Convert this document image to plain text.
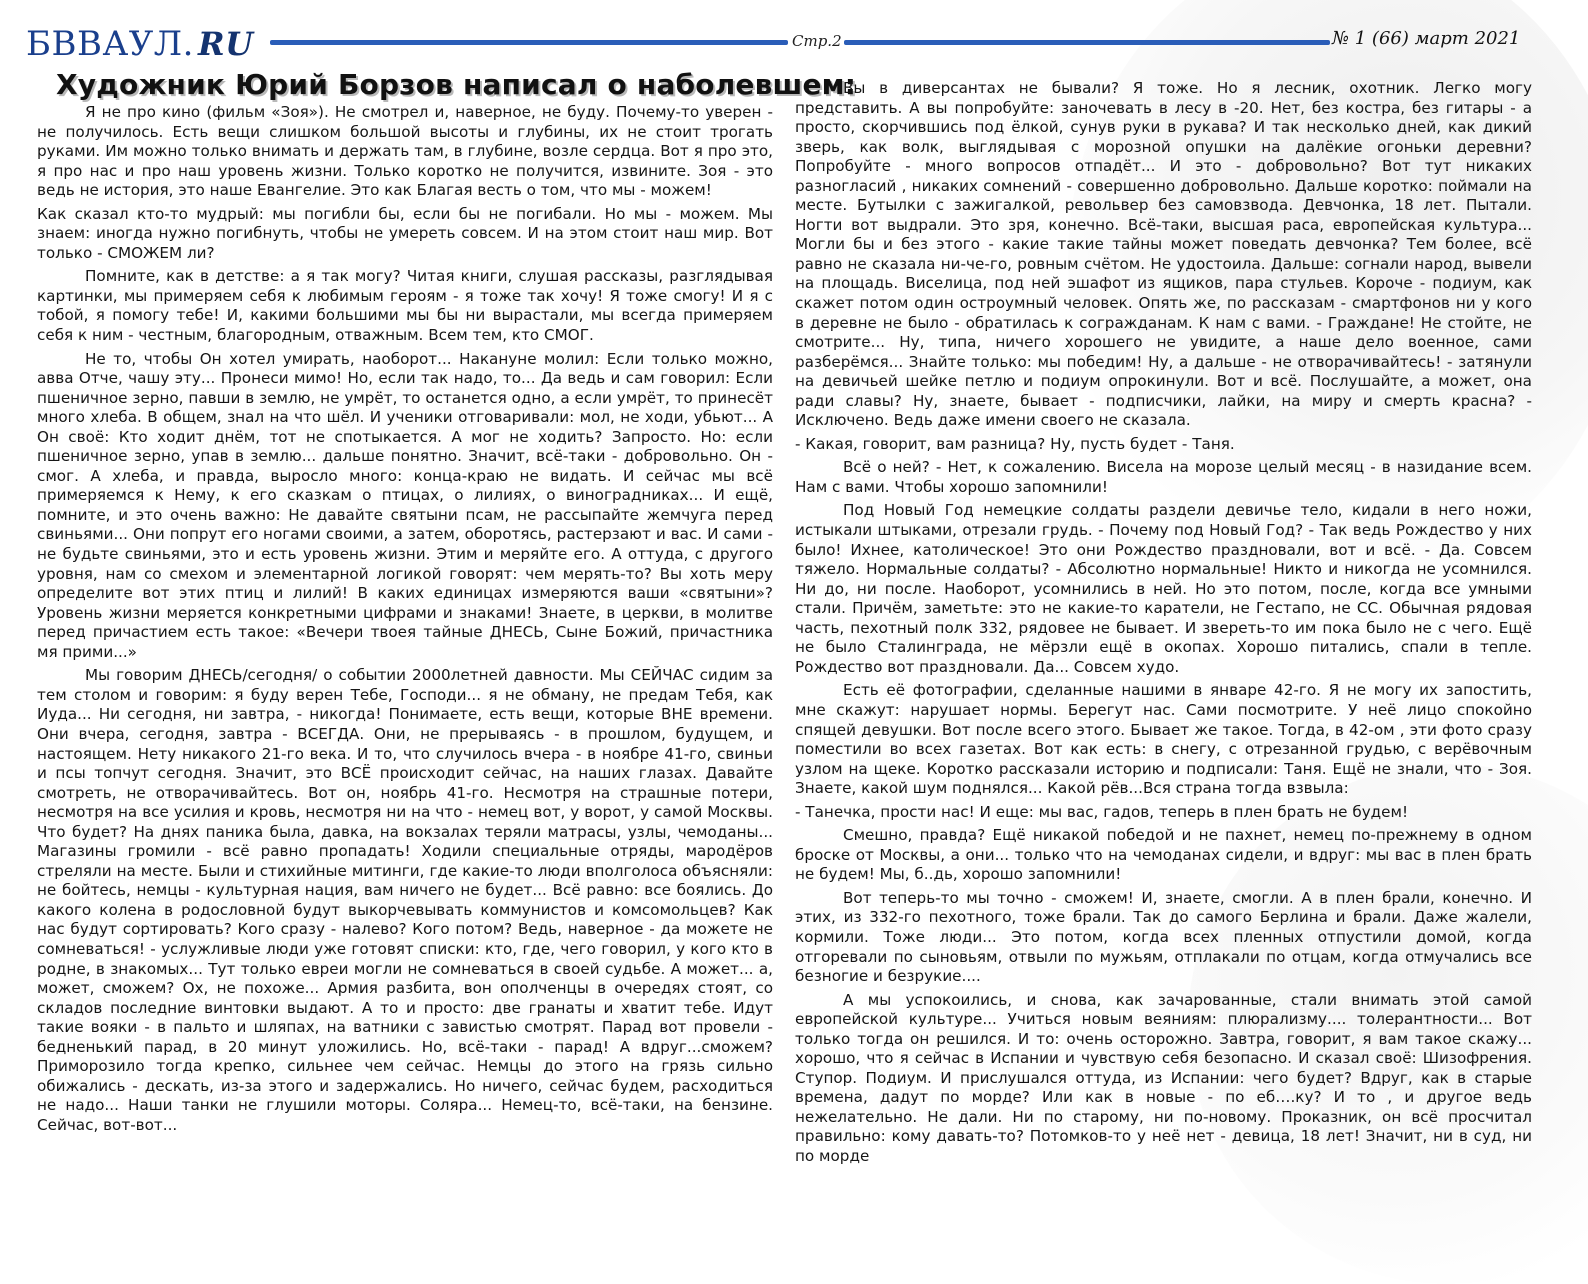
БВВАУЛ. RU	Стр.2	№ 1 (66) март 2021
Художник Юрий Борзов написал о наболевшем:

Я не про кино (фильм «Зоя»). Не смотрел и, наверное, не буду. Почему-то уверен - не получилось. Есть вещи слишком большой высоты и глубины, их не стоит трогать руками. Им можно только внимать и держать там, в глубине, возле сердца. Вот я про это, я про нас и про наш уровень жизни. Только коротко не получится, извините. Зоя - это ведь не история, это наше Евангелие. Это как Благая весть о том, что мы - можем!

Как сказал кто-то мудрый: мы погибли бы, если бы не погибали. Но мы - можем. Мы знаем: иногда нужно погибнуть, чтобы не умереть совсем. И на этом стоит наш мир. Вот только - СМОЖЕМ ли?

Помните, как в детстве: а я так могу? Читая книги, слушая рассказы, разглядывая картинки, мы примеряем себя к любимым героям - я тоже так хочу! Я тоже смогу! И я с тобой, я помогу тебе! И, какими большими мы бы ни вырастали, мы всегда примеряем себя к ним - честным, благородным, отважным. Всем тем, кто СМОГ.

Не то, чтобы Он хотел умирать, наоборот... Накануне молил: Если только можно, авва Отче, чашу эту... Пронеси мимо! Но, если так надо, то... Да ведь и сам говорил: Если пшеничное зерно, павши в землю, не умрёт, то останется одно, а если умрёт, то принесёт много хлеба. В общем, знал на что шёл. И ученики отговаривали: мол, не ходи, убьют... А Он своё: Кто ходит днём, тот не спотыкается. А мог не ходить? Запросто. Но: если пшеничное зерно, упав в землю... дальше понятно. Значит, всё-таки - добровольно. Он - смог. А хлеба, и правда, выросло много: конца-краю не видать. И сейчас мы всё примеряемся к Нему, к его сказкам о птицах, о лилиях, о виноградниках... И ещё, помните, и это очень важно: Не давайте святыни псам, не рассыпайте жемчуга перед свиньями... Они попрут его ногами своими, а затем, оборотясь, растерзают и вас. И сами - не будьте свиньями, это и есть уровень жизни. Этим и меряйте его. А оттуда, с другого уровня, нам со смехом и элементарной логикой говорят: чем мерять-то? Вы хоть меру определите вот этих птиц и лилий! В каких единицах измеряются ваши «святыни»? Уровень жизни меряется конкретными цифрами и знаками! Знаете, в церкви, в молитве перед причастием есть такое: «Вечери твоея тайные ДНЕСЬ, Сыне Божий, причастника мя прими...»

Мы говорим ДНЕСЬ/сегодня/ о событии 2000летней давности. Мы СЕЙЧАС сидим за тем столом и говорим: я буду верен Тебе, Господи... я не обману, не предам Тебя, как Иуда... Ни сегодня, ни завтра, - никогда! Понимаете, есть вещи, которые ВНЕ времени. Они вчера, сегодня, завтра - ВСЕГДА. Они, не прерываясь - в прошлом, будущем, и настоящем. Нету никакого 21-го века. И то, что случилось вчера - в ноябре 41-го, свиньи и псы топчут сегодня. Значит, это ВСЁ происходит сейчас, на наших глазах. Давайте смотреть, не отворачивайтесь. Вот он, ноябрь 41-го. Несмотря на страшные потери, несмотря на все усилия и кровь, несмотря ни на что - немец вот, у ворот, у самой Москвы. Что будет? На днях паника была, давка, на вокзалах теряли матрасы, узлы, чемоданы... Магазины громили - всё равно пропадать! Ходили специальные отряды, мародёров стреляли на месте. Были и стихийные митинги, где какие-то люди вполголоса объясняли: не бойтесь, немцы - культурная нация, вам ничего не будет... Всё равно: все боялись. До какого колена в родословной будут выкорчевывать коммунистов и комсомольцев? Как нас будут сортировать? Кого сразу - налево? Кого потом? Ведь, наверное - да можете не сомневаться! - услужливые люди уже готовят списки: кто, где, чего говорил, у кого кто в родне, в знакомых... Тут только евреи могли не сомневаться в своей судьбе. А может... а, может, сможем? Ох, не похоже... Армия разбита, вон ополченцы в очередях стоят, со складов последние винтовки выдают. А то и просто: две гранаты и хватит тебе. Идут такие вояки - в пальто и шляпах, на ватники с завистью смотрят. Парад вот провели - бедненький парад, в 20 минут уложились. Но, всё-таки - парад! А вдруг...сможем? Приморозило тогда крепко, сильнее чем сейчас. Немцы до этого на грязь сильно обижались - дескать, из-за этого и задержались. Но ничего, сейчас будем, расходиться не надо... Наши танки не глушили моторы. Соляра... Немец-то, всё-таки, на бензине. Сейчас, вот-вот...

Вы в диверсантах не бывали? Я тоже. Но я лесник, охотник. Легко могу представить. А вы попробуйте: заночевать в лесу в -20. Нет, без костра, без гитары - а просто, скорчившись под ёлкой, сунув руки в рукава? И так несколько дней, как дикий зверь, как волк, выглядывая с морозной опушки на далёкие огоньки деревни? Попробуйте - много вопросов отпадёт... И это - добровольно? Вот тут никаких разногласий , никаких сомнений - совершенно добровольно. Дальше коротко: поймали на месте. Бутылки с зажигалкой, револьвер без самовзвода. Девчонка, 18 лет. Пытали. Ногти вот выдрали. Это зря, конечно. Всё-таки, высшая раса, европейская культура... Могли бы и без этого - какие такие тайны может поведать девчонка? Тем более, всё равно не сказала ни-че-го, ровным счётом. Не удостоила. Дальше: согнали народ, вывели на площадь. Виселица, под ней эшафот из ящиков, пара стульев. Короче - подиум, как скажет потом один остроумный человек. Опять же, по рассказам - смартфонов ни у кого в деревне не было - обратилась к согражданам. К нам с вами. - Граждане! Не стойте, не смотрите... Ну, типа, ничего хорошего не увидите, а наше дело военное, сами разберёмся... Знайте только: мы победим! Ну, а дальше - не отворачивайтесь! - затянули на девичьей шейке петлю и подиум опрокинули. Вот и всё. Послушайте, а может, она ради славы? Ну, знаете, бывает - подписчики, лайки, на миру и смерть красна? - Исключено. Ведь даже имени своего не сказала.

- Какая, говорит, вам разница? Ну, пусть будет - Таня.

Всё о ней? - Нет, к сожалению. Висела на морозе целый месяц - в назидание всем. Нам с вами. Чтобы хорошо запомнили!

Под Новый Год немецкие солдаты раздели девичье тело, кидали в него ножи, истыкали штыками, отрезали грудь. - Почему под Новый Год? - Так ведь Рождество у них было! Ихнее, католическое! Это они Рождество праздновали, вот и всё. - Да. Совсем тяжело. Нормальные солдаты? - Абсолютно нормальные! Никто и никогда не усомнился. Ни до, ни после. Наоборот, усомнились в ней. Но это потом, после, когда все умными стали. Причём, заметьте: это не какие-то каратели, не Гестапо, не СС. Обычная рядовая часть, пехотный полк 332, рядовее не бывает. И звереть-то им пока было не с чего. Ещё не было Сталинграда, не мёрзли ещё в окопах. Хорошо питались, спали в тепле. Рождество вот праздновали. Да... Совсем худо.

Есть её фотографии, сделанные нашими в январе 42-го. Я не могу их запостить, мне скажут: нарушает нормы. Берегут нас. Сами посмотрите. У неё лицо спокойно спящей девушки. Вот после всего этого. Бывает же такое. Тогда, в 42-ом , эти фото сразу поместили во всех газетах. Вот как есть: в снегу, с отрезанной грудью, с верёвочным узлом на щеке. Коротко рассказали историю и подписали: Таня. Ещё не знали, что - Зоя. Знаете, какой шум поднялся... Какой рёв...Вся страна тогда взвыла:

- Танечка, прости нас! И еще: мы вас, гадов, теперь в плен брать не будем!

Смешно, правда? Ещё никакой победой и не пахнет, немец по-прежнему в одном броске от Москвы, а они... только что на чемоданах сидели, и вдруг: мы вас в плен брать не будем! Мы, б..дь, хорошо запомнили!

Вот теперь-то мы точно - сможем! И, знаете, смогли. А в плен брали, конечно. И этих, из 332-го пехотного, тоже брали. Так до самого Берлина и брали. Даже жалели, кормили. Тоже люди... Это потом, когда всех пленных отпустили домой, когда отгоревали по сыновьям, отвыли по мужьям, отплакали по отцам, когда отмучались все безногие и безрукие....

А мы успокоились, и снова, как зачарованные, стали внимать этой самой европейской культуре... Учиться новым веяниям: плюрализму.... толерантности... Вот только тогда он решился. И то: очень осторожно. Завтра, говорит, я вам такое скажу... хорошо, что я сейчас в Испании и чувствую себя безопасно. И сказал своё: Шизофрения. Ступор. Подиум. И прислушался оттуда, из Испании: чего будет? Вдруг, как в старые времена, дадут по морде? Или как в новые - по еб….ку? И то , и другое ведь нежелательно. Не дали. Ни по старому, ни по-новому. Проказник, он всё просчитал правильно: кому давать-то? Потомков-то у неё нет - девица, 18 лет! Значит, ни в суд, ни по морде
